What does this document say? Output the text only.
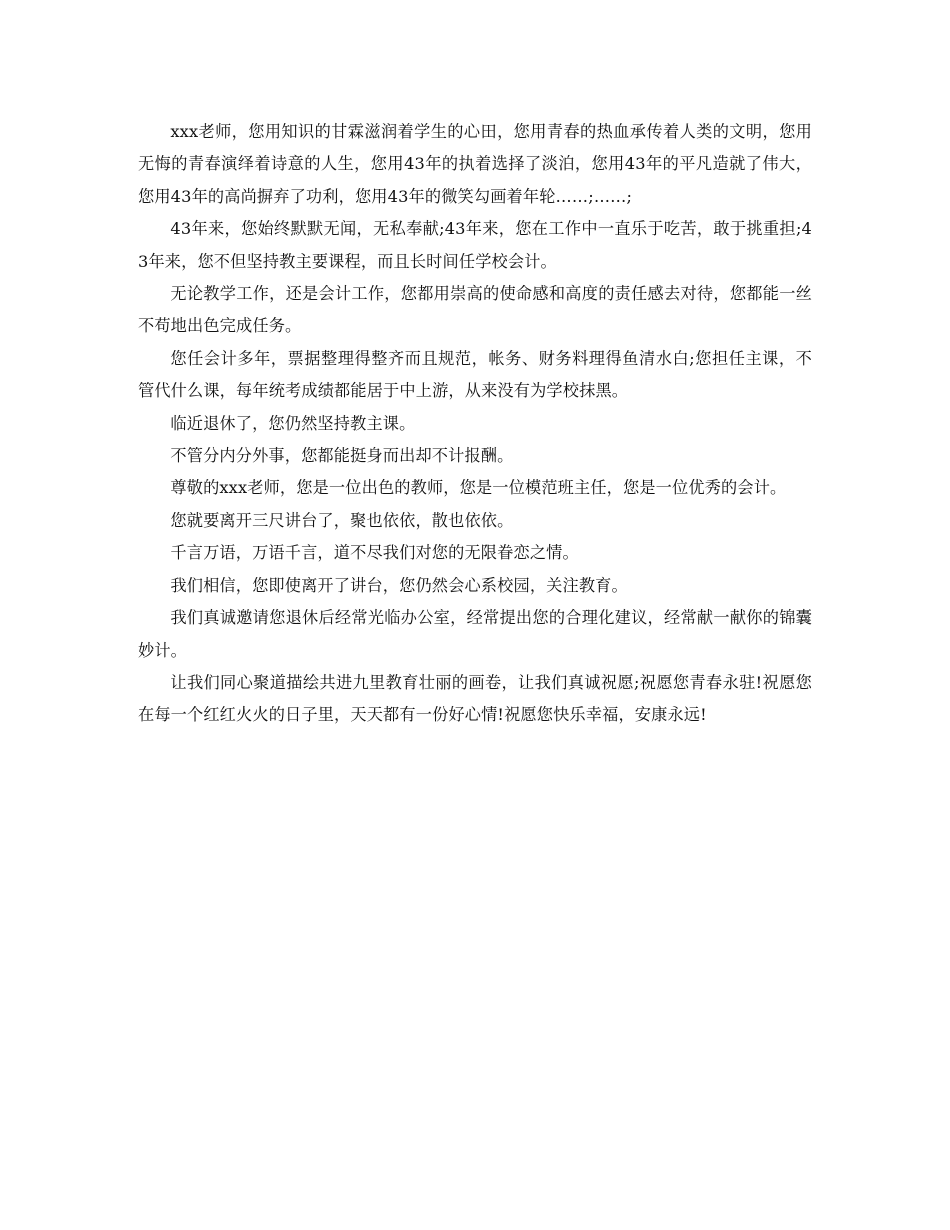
xxx老师，您用知识的甘霖滋润着学生的心田，您用青春的热血承传着人类的文明，您用无悔的青春演绎着诗意的人生，您用43年的执着选择了淡泊，您用43年的平凡造就了伟大，您用43年的高尚摒弃了功利，您用43年的微笑勾画着年轮……;……;

43年来，您始终默默无闻，无私奉献;43年来，您在工作中一直乐于吃苦，敢于挑重担;43年来，您不但坚持教主要课程，而且长时间任学校会计。

无论教学工作，还是会计工作，您都用崇高的使命感和高度的责任感去对待，您都能一丝不苟地出色完成任务。

您任会计多年，票据整理得整齐而且规范，帐务、财务料理得鱼清水白;您担任主课，不管代什么课，每年统考成绩都能居于中上游，从来没有为学校抹黑。

临近退休了，您仍然坚持教主课。

不管分内分外事，您都能挺身而出却不计报酬。

尊敬的xxx老师，您是一位出色的教师，您是一位模范班主任，您是一位优秀的会计。

您就要离开三尺讲台了，聚也依依，散也依依。

千言万语，万语千言，道不尽我们对您的无限眷恋之情。

我们相信，您即使离开了讲台，您仍然会心系校园，关注教育。

我们真诚邀请您退休后经常光临办公室，经常提出您的合理化建议，经常献一献你的锦囊妙计。

让我们同心聚道描绘共进九里教育壮丽的画卷，让我们真诚祝愿;祝愿您青春永驻!祝愿您在每一个红红火火的日子里，天天都有一份好心情!祝愿您快乐幸福，安康永远!
